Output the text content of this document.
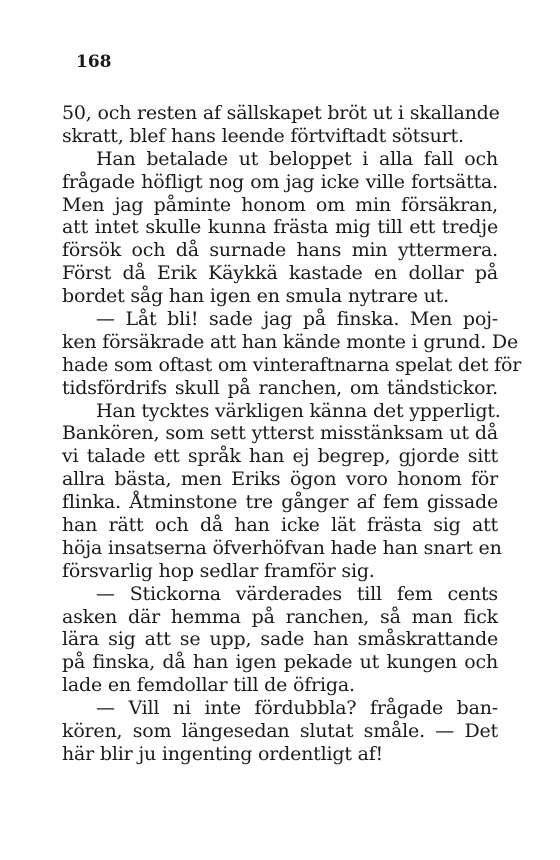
168
50, och resten af sällskapet bröt ut i skallande
skratt, blef hans leende förtviftadt sötsurt.
Han betalade ut beloppet i alla fall och
frågade höfligt nog om jag icke ville fortsätta.
Men jag påminte honom om min försäkran,
att intet skulle kunna frästa mig till ett tredje
försök och då surnade hans min yttermera.
Först då Erik Käykkä kastade en dollar på
bordet såg han igen en smula nytrare ut.
— Låt bli! sade jag på finska. Men poj-
ken försäkrade att han kände monte i grund. De
hade som oftast om vinteraftnarna spelat det för
tidsfördrifs skull på ranchen, om tändstickor.
Han tycktes värkligen känna det ypperligt.
Bankören, som sett ytterst misstänksam ut då
vi talade ett språk han ej begrep, gjorde sitt
allra bästa, men Eriks ögon voro honom för
flinka. Åtminstone tre gånger af fem gissade
han rätt och då han icke lät frästa sig att
höja insatserna öfverhöfvan hade han snart en
försvarlig hop sedlar framför sig.
— Stickorna värderades till fem cents
asken där hemma på ranchen, så man fick
lära sig att se upp, sade han småskrattande
på finska, då han igen pekade ut kungen och
lade en femdollar till de öfriga.
— Vill ni inte fördubbla? frågade ban-
kören, som längesedan slutat småle. — Det
här blir ju ingenting ordentligt af!
